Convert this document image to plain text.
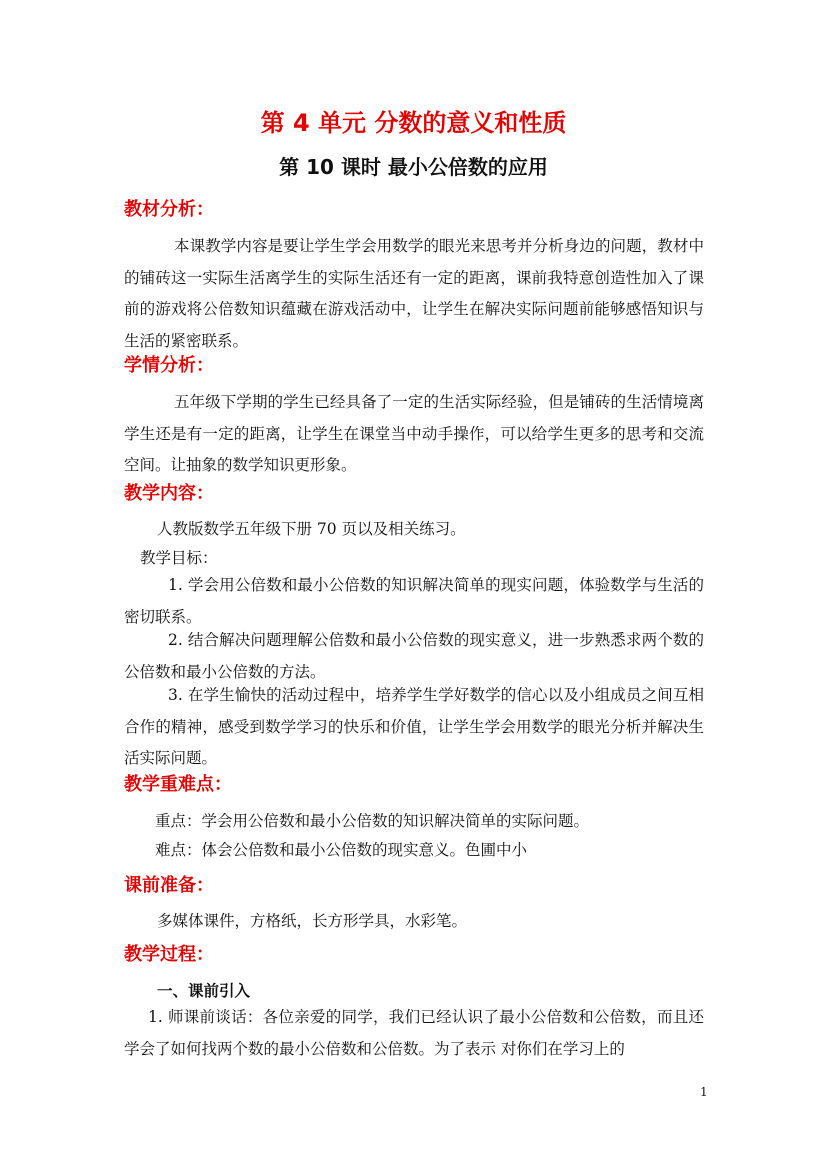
第 4 单元 分数的意义和性质
第 10 课时 最小公倍数的应用
教材分析：

本课教学内容是要让学生学会用数学的眼光来思考并分析身边的问题，教材中的铺砖这一实际生活离学生的实际生活还有一定的距离，课前我特意创造性加入了课前的游戏将公倍数知识蕴藏在游戏活动中，让学生在解决实际问题前能够感悟知识与生活的紧密联系。

学情分析：

五年级下学期的学生已经具备了一定的生活实际经验，但是铺砖的生活情境离学生还是有一定的距离，让学生在课堂当中动手操作，可以给学生更多的思考和交流空间。让抽象的数学知识更形象。

教学内容：
人教版数学五年级下册 70 页以及相关练习。
教学目标：

1. 学会用公倍数和最小公倍数的知识解决简单的现实问题，体验数学与生活的密切联系。

2. 结合解决问题理解公倍数和最小公倍数的现实意义，进一步熟悉求两个数的公倍数和最小公倍数的方法。

3. 在学生愉快的活动过程中，培养学生学好数学的信心以及小组成员之间互相合作的精神，感受到数学学习的快乐和价值，让学生学会用数学的眼光分析并解决生活实际问题。

教学重难点：
重点：学会用公倍数和最小公倍数的知识解决简单的实际问题。
难点：体会公倍数和最小公倍数的现实意义。色圃中小
课前准备：
多媒体课件，方格纸，长方形学具，水彩笔。
教学过程：
一、课前引入

1. 师课前谈话：各位亲爱的同学，我们已经认识了最小公倍数和公倍数，而且还学会了如何找两个数的最小公倍数和公倍数。为了表示 对你们在学习上的

1
